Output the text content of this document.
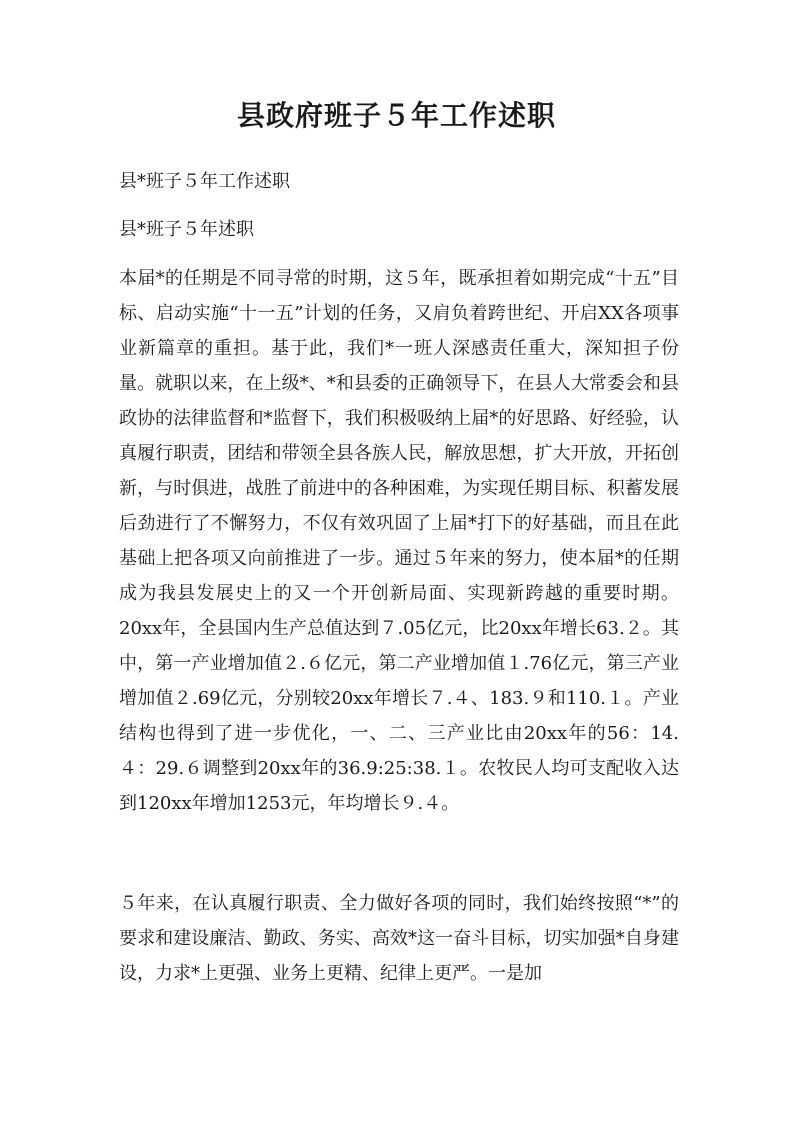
县政府班子５年工作述职

县*班子５年工作述职

县*班子５年述职

本届*的任期是不同寻常的时期，这５年，既承担着如期完成“十五”目标、启动实施“十一五”计划的任务，又肩负着跨世纪、开启XX各项事业新篇章的重担。基于此，我们*一班人深感责任重大，深知担子份量。就职以来，在上级*、*和县委的正确领导下，在县人大常委会和县政协的法律监督和*监督下，我们积极吸纳上届*的好思路、好经验，认真履行职责，团结和带领全县各族人民，解放思想，扩大开放，开拓创新，与时俱进，战胜了前进中的各种困难，为实现任期目标、积蓄发展后劲进行了不懈努力，不仅有效巩固了上届*打下的好基础，而且在此基础上把各项又向前推进了一步。通过５年来的努力，使本届*的任期成为我县发展史上的又一个开创新局面、实现新跨越的重要时期。20xx年，全县国内生产总值达到７.05亿元，比20xx年增长63.２。其中，第一产业增加值２.６亿元，第二产业增加值１.76亿元，第三产业增加值２.69亿元，分别较20xx年增长７.４、183.９和110.１。产业结构也得到了进一步优化，一、二、三产业比由20xx年的56：14.４：29.６调整到20xx年的36.9:25:38.１。农牧民人均可支配收入达到120xx年增加1253元，年均增长９.４。

５年来，在认真履行职责、全力做好各项的同时，我们始终按照“*”的要求和建设廉洁、勤政、务实、高效*这一奋斗目标，切实加强*自身建设，力求*上更强、业务上更精、纪律上更严。一是加
